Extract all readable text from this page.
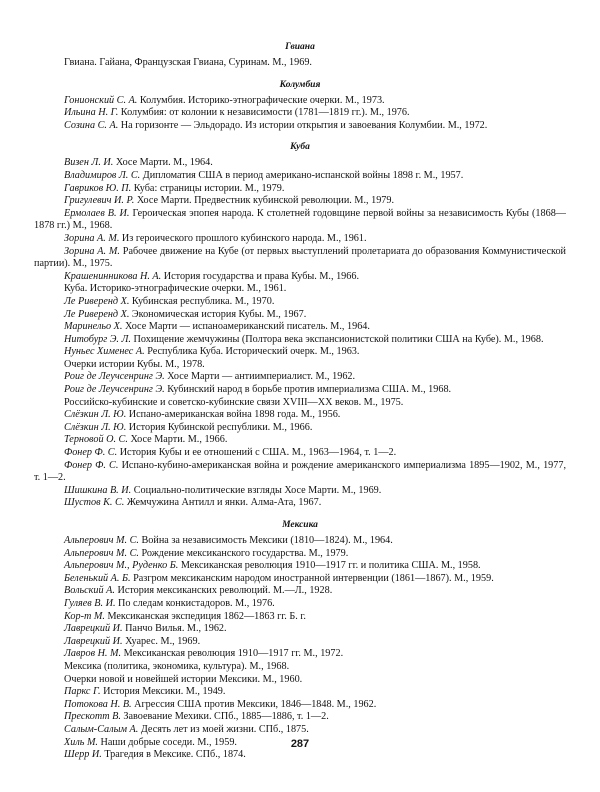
Гвиана
Гвиана. Гайана, Французская Гвиана, Суринам. М., 1969.
Колумбия
Гонионский С. А. Колумбия. Историко-этнографические очерки. М., 1973.
Ильина Н. Г. Колумбия: от колонии к независимости (1781—1819 гг.). М., 1976.
Созина С. А. На горизонте — Эльдорадо. Из истории открытия и завоевания Колумбии. М., 1972.
Куба
Визен Л. И. Хосе Марти. М., 1964.
Владимиров Л. С. Дипломатия США в период американо-испанской войны 1898 г. М., 1957.
Гавриков Ю. П. Куба: страницы истории. М., 1979.
Григулевич И. Р. Хосе Марти. Предвестник кубинской революции. М., 1979.
Ермолаев В. И. Героическая эпопея народа. К столетней годовщине первой войны за независимость Кубы (1868—1878 гг.) М., 1968.
Зорина А. М. Из героического прошлого кубинского народа. М., 1961.
Зорина А. М. Рабочее движение на Кубе (от первых выступлений пролетариата до образования Коммунистической партии). М., 1975.
Крашенинникова Н. А. История государства и права Кубы. М., 1966.
Куба. Историко-этнографические очерки. М., 1961.
Ле Риверенд Х. Кубинская республика. М., 1970.
Ле Риверенд Х. Экономическая история Кубы. М., 1967.
Маринельо Х. Хосе Марти — испаноамериканский писатель. М., 1964.
Нитобург Э. Л. Похищение жемчужины (Полтора века экспансионистской политики США на Кубе). М., 1968.
Нуньес Хименес А. Республика Куба. Исторический очерк. М., 1963.
Очерки истории Кубы. М., 1978.
Роиг де Леучсенринг Э. Хосе Марти — антиимпериалист. М., 1962.
Роиг де Леучсенринг Э. Кубинский народ в борьбе против империализма США. М., 1968.
Российско-кубинские и советско-кубинские связи XVIII—XX веков. М., 1975.
Слёзкин Л. Ю. Испано-американская война 1898 года. М., 1956.
Слёзкин Л. Ю. История Кубинской республики. М., 1966.
Терновой О. С. Хосе Марти. М., 1966.
Фонер Ф. С. История Кубы и ее отношений с США. М., 1963—1964, т. 1—2.
Фонер Ф. С. Испано-кубино-американская война и рождение американского империализма 1895—1902, М., 1977, т. 1—2.
Шишкина В. И. Социально-политические взгляды Хосе Марти. М., 1969.
Шустов К. С. Жемчужина Антилл и янки. Алма-Ата, 1967.
Мексика
Альперович М. С. Война за независимость Мексики (1810—1824). М., 1964.
Альперович М. С. Рождение мексиканского государства. М., 1979.
Альперович М., Руденко Б. Мексиканская революция 1910—1917 гг. и политика США. М., 1958.
Беленький А. Б. Разгром мексиканским народом иностранной интервенции (1861—1867). М., 1959.
Вольский А. История мексиканских революций. М.—Л., 1928.
Гуляев В. И. По следам конкистадоров. М., 1976.
Кор-т М. Мексиканская экспедиция 1862—1863 гг. Б. г.
Лаврецкий И. Панчо Вилья. М., 1962.
Лаврецкий И. Хуарес. М., 1969.
Лавров Н. М. Мексиканская революция 1910—1917 гг. М., 1972.
Мексика (политика, экономика, культура). М., 1968.
Очерки новой и новейшей истории Мексики. М., 1960.
Паркс Г. История Мексики. М., 1949.
Потокова Н. В. Агрессия США против Мексики, 1846—1848. М., 1962.
Прескотт В. Завоевание Мехики. СПб., 1885—1886, т. 1—2.
Салым-Салым А. Десять лет из моей жизни. СПб., 1875.
Хиль М. Наши добрые соседи. М., 1959.
Шерр И. Трагедия в Мексике. СПб., 1874.
287
